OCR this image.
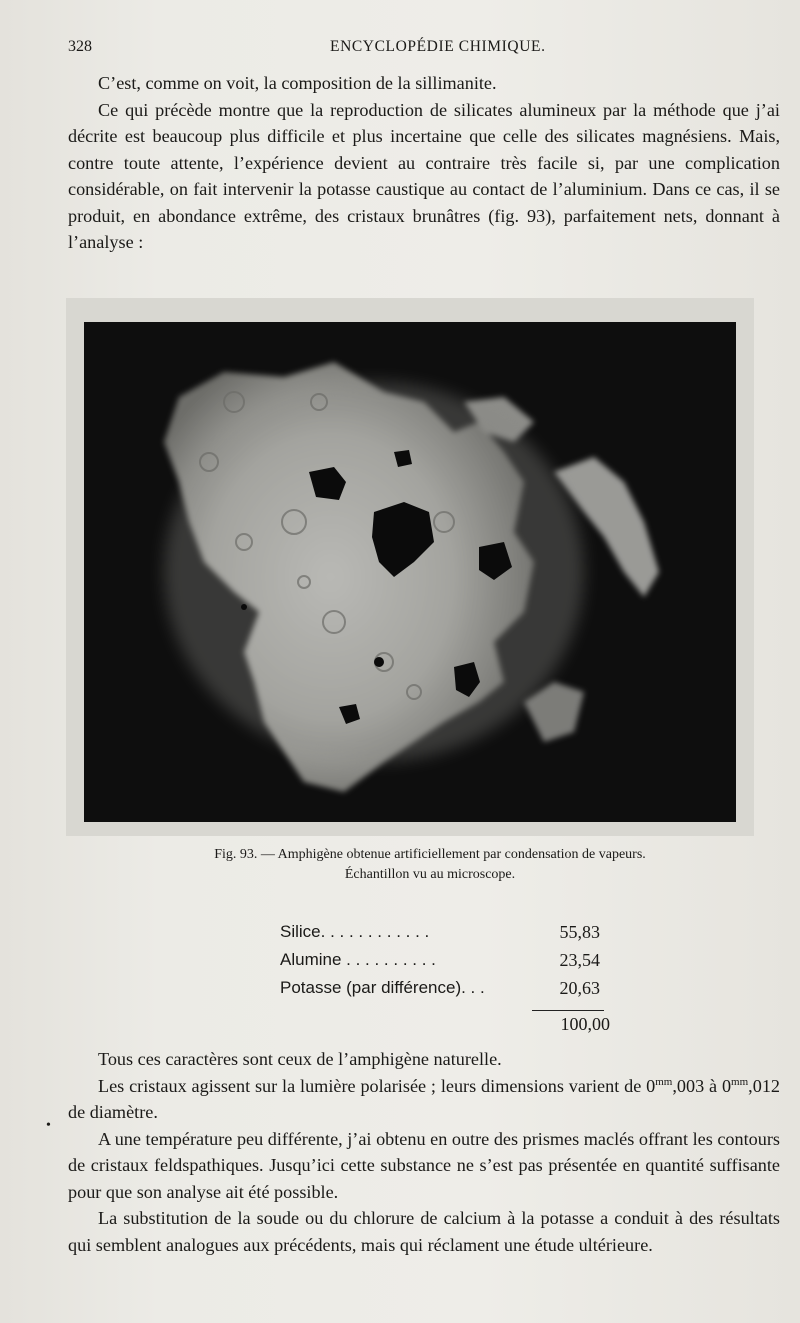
328	ENCYCLOPÉDIE CHIMIQUE.

C’est, comme on voit, la composition de la sillimanite.

Ce qui précède montre que la reproduction de silicates alumineux par la méthode que j’ai décrite est beaucoup plus difficile et plus incertaine que celle des silicates magnésiens. Mais, contre toute attente, l’expérience devient au contraire très facile si, par une complication considérable, on fait intervenir la potasse caustique au contact de l’aluminium. Dans ce cas, il se produit, en abondance extrême, des cristaux brunâtres (fig. 93), parfaitement nets, donnant à l’analyse :

Fig. 93. — Amphigène obtenue artificiellement par condensation de vapeurs.
Échantillon vu au microscope.
Silice. . . . . . . . . . . .	55,83
Alumine . . . . . . . . . .	23,54
Potasse (par différence). . .	20,63
100,00

Tous ces caractères sont ceux de l’amphigène naturelle.

Les cristaux agissent sur la lumière polarisée ; leurs dimensions varient de $0^{mm},003$ à $0^{mm},012$ de diamètre.

A une température peu différente, j’ai obtenu en outre des prismes maclés offrant les contours de cristaux feldspathiques. Jusqu’ici cette substance ne s’est pas présentée en quantité suffisante pour que son analyse ait été possible.

La substitution de la soude ou du chlorure de calcium à la potasse a conduit à des résultats qui semblent analogues aux précédents, mais qui réclament une étude ultérieure.

•
